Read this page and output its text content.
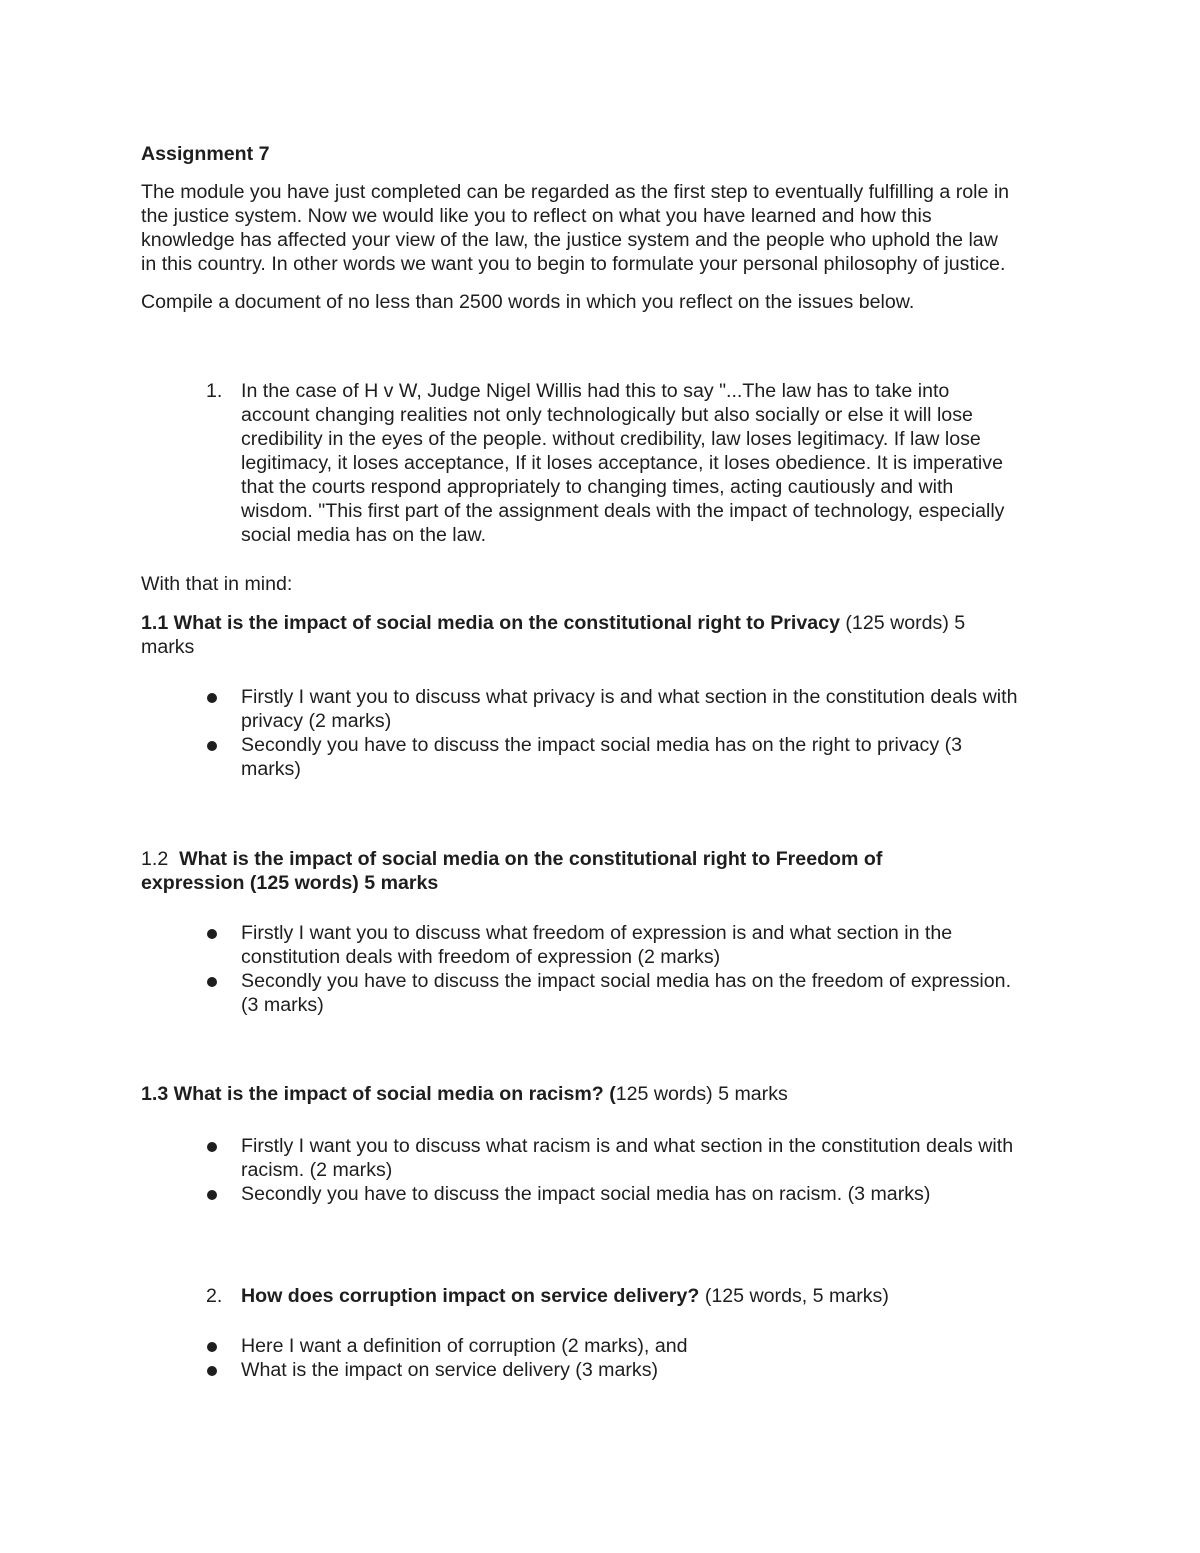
Assignment 7
The module you have just completed can be regarded as the first step to eventually fulfilling a role in
the justice system. Now we would like you to reflect on what you have learned and how this
knowledge has affected your view of the law, the justice system and the people who uphold the law
in this country. In other words we want you to begin to formulate your personal philosophy of justice.
Compile a document of no less than 2500 words in which you reflect on the issues below.
1. In the case of H v W, Judge Nigel Willis had this to say "...The law has to take into
account changing realities not only technologically but also socially or else it will lose
credibility in the eyes of the people. without credibility, law loses legitimacy. If law lose
legitimacy, it loses acceptance, If it loses acceptance, it loses obedience. It is imperative
that the courts respond appropriately to changing times, acting cautiously and with
wisdom. "This first part of the assignment deals with the impact of technology, especially
social media has on the law.
With that in mind:
1.1 What is the impact of social media on the constitutional right to Privacy (125 words) 5
marks
Firstly I want you to discuss what privacy is and what section in the constitution deals with
privacy (2 marks)
Secondly you have to discuss the impact social media has on the right to privacy (3
marks)
1.2 What is the impact of social media on the constitutional right to Freedom of
expression (125 words) 5 marks
Firstly I want you to discuss what freedom of expression is and what section in the
constitution deals with freedom of expression (2 marks)
Secondly you have to discuss the impact social media has on the freedom of expression.
(3 marks)
1.3 What is the impact of social media on racism? (125 words) 5 marks
Firstly I want you to discuss what racism is and what section in the constitution deals with
racism. (2 marks)
Secondly you have to discuss the impact social media has on racism. (3 marks)
2. How does corruption impact on service delivery? (125 words, 5 marks)
Here I want a definition of corruption (2 marks), and
What is the impact on service delivery (3 marks)
